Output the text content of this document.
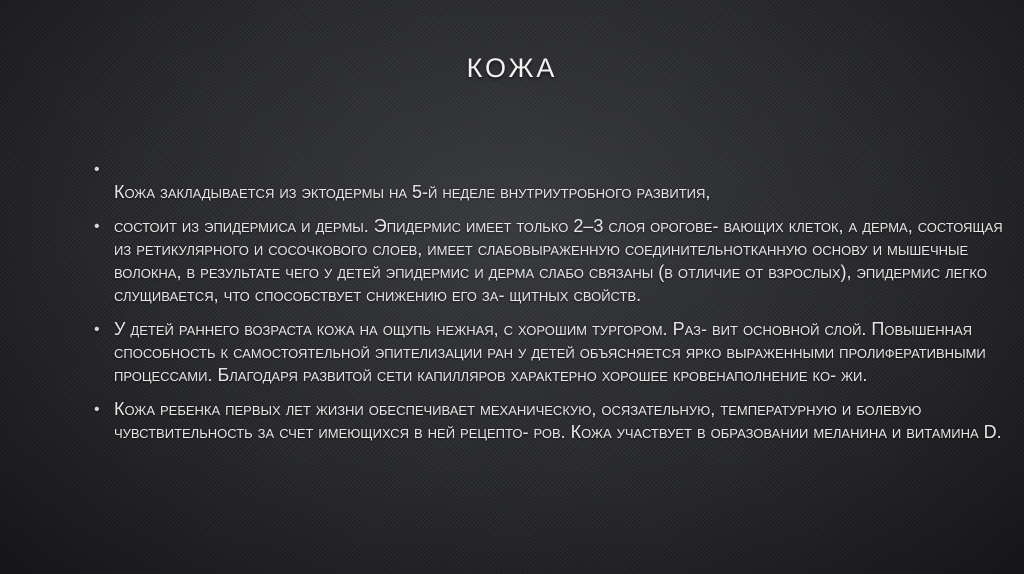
кожа
•
Кожа закладывается из эктодермы на 5-й неделе внутриутробного развития,
• состоит из эпидермиса и дермы. Эпидермис имеет только 2–3 слоя орогове- вающих клеток, а дерма, состоящая из ретикулярного и сосочкового слоев, имеет слабовыраженную соединительнотканную основу и мышечные волокна, в результате чего у детей эпидермис и дерма слабо связаны (в отличие от взрослых), эпидермис легко слущивается, что способствует снижению его за- щитных свойств.
• У детей раннего возраста кожа на ощупь нежная, с хорошим тургором. Раз- вит основной слой. Повышенная способность к самостоятельной эпителизации ран у детей объясняется ярко выраженными пролиферативными процессами. Благодаря развитой сети капилляров характерно хорошее кровенаполнение ко- жи.
• Кожа ребенка первых лет жизни обеспечивает механическую, осязательную, температурную и болевую чувствительность за счет имеющихся в ней рецепто- ров. Кожа участвует в образовании меланина и витамина D.
